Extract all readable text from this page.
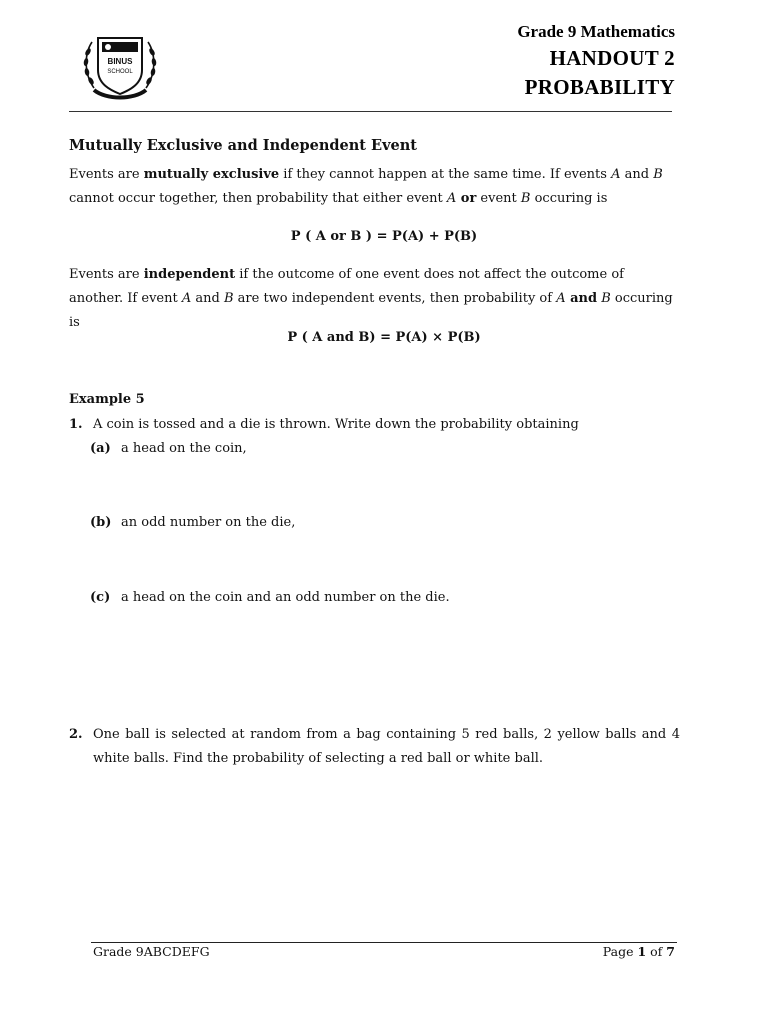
BINUS
SCHOOL
Grade 9 Mathematics
HANDOUT 2
PROBABILITY
Mutually Exclusive and Independent Event
Events are mutually exclusive if they cannot happen at the same time. If events A and B cannot occur together, then probability that either event A or event B occuring is
P ( A or B ) = P(A) + P(B)
Events are independent if the outcome of one event does not affect the outcome of another. If event A and B are two independent events, then probability of A and B occuring is
P ( A and B) = P(A) × P(B)
Example 5
1. A coin is tossed and a die is thrown. Write down the probability obtaining
(a) a head on the coin,
(b) an odd number on the die,
(c) a head on the coin and an odd number on the die.
2. One ball is selected at random from a bag containing 5 red balls, 2 yellow balls and 4 white balls. Find the probability of selecting a red ball or white ball.
Grade 9ABCDEFG	Page 1 of 7
